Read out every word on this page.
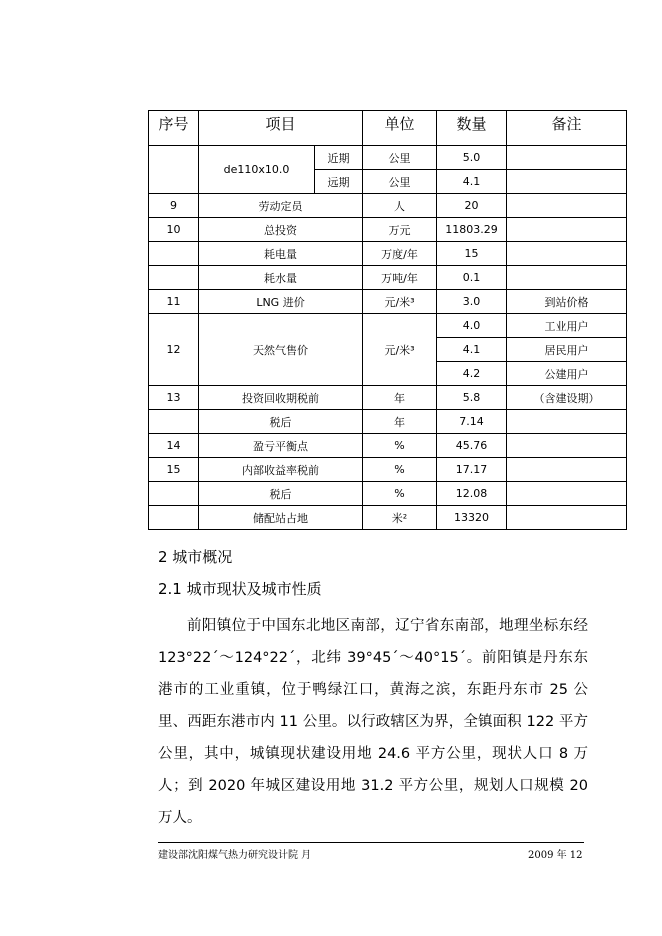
序号	项目		单位	数量	备注
	de110x10.0	近期	公里	5.0	
		远期	公里	4.1	
9	劳动定员		人	20	
10	总投资		万元	11803.29	
	耗电量		万度/年	15	
	耗水量		万吨/年	0.1	
11	LNG 进价		元/米³	3.0	到站价格
12	天然气售价		元/米³	4.0	工业用户
				4.1	居民用户
				4.2	公建用户
13	投资回收期税前		年	5.8	（含建设期）
	税后		年	7.14	
14	盈亏平衡点		%	45.76	
15	内部收益率税前		%	17.17	
	税后		%	12.08	
	储配站占地		米²	13320	
2 城市概况
2.1 城市现状及城市性质
前阳镇位于中国东北地区南部，辽宁省东南部，地理坐标东经 123°22´～124°22´，北纬 39°45´～40°15´。前阳镇是丹东东港市的工业重镇，位于鸭绿江口，黄海之滨，东距丹东市 25 公里、西距东港市内 11 公里。以行政辖区为界，全镇面积 122 平方公里，其中，城镇现状建设用地 24.6 平方公里，现状人口 8 万人；到 2020 年城区建设用地 31.2 平方公里，规划人口规模 20 万人。
建设部沈阳煤气热力研究设计院 月	2009 年 12
